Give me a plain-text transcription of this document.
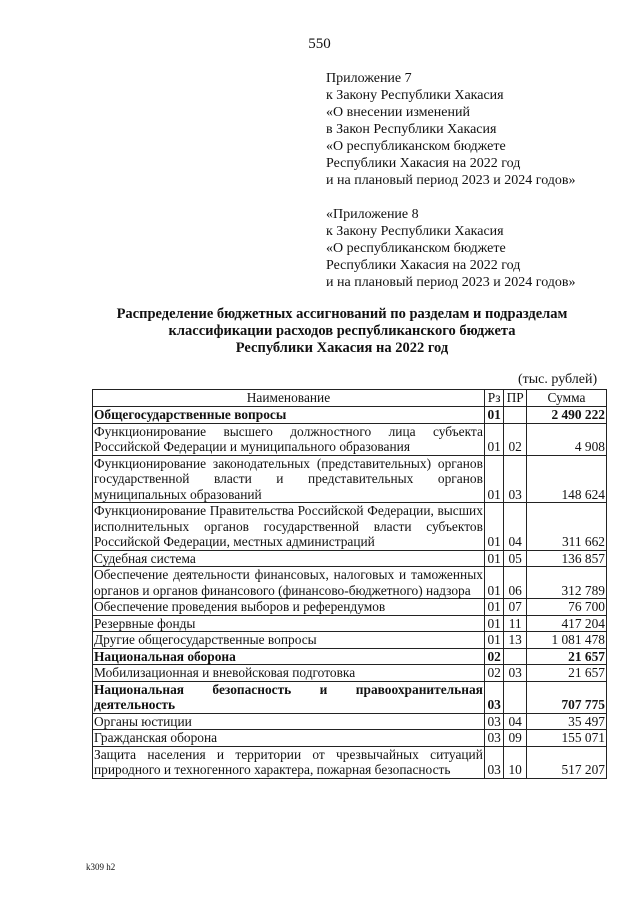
550
Приложение 7
к Закону Республики Хакасия
«О внесении изменений
в Закон Республики Хакасия
«О республиканском бюджете
Республики Хакасия на 2022 год
и на плановый период 2023 и 2024 годов»
«Приложение 8
к Закону Республики Хакасия
«О республиканском бюджете
Республики Хакасия на 2022 год
и на плановый период 2023 и 2024 годов»
Распределение бюджетных ассигнований по разделам и подразделам
классификации расходов республиканского бюджета
Республики Хакасия на 2022 год
(тыс. рублей)
Наименование	Рз	ПР	Сумма
Общегосударственные вопросы	01		2 490 222
Функционирование высшего должностного лица субъекта Российской Федерации и муниципального образования	01	02	4 908
Функционирование законодательных (представительных) органов государственной власти и представительных органов муниципальных образований	01	03	148 624
Функционирование Правительства Российской Федерации, высших исполнительных органов государственной власти субъектов Российской Федерации, местных администраций	01	04	311 662
Судебная система	01	05	136 857
Обеспечение деятельности финансовых, налоговых и таможенных органов и органов финансового (финансово-бюджетного) надзора	01	06	312 789
Обеспечение проведения выборов и референдумов	01	07	76 700
Резервные фонды	01	11	417 204
Другие общегосударственные вопросы	01	13	1 081 478
Национальная оборона	02		21 657
Мобилизационная и вневойсковая подготовка	02	03	21 657
Национальная безопасность и правоохранительная деятельность	03		707 775
Органы юстиции	03	04	35 497
Гражданская оборона	03	09	155 071
Защита населения и территории от чрезвычайных ситуаций природного и техногенного характера, пожарная безопасность	03	10	517 207
k309 h2
